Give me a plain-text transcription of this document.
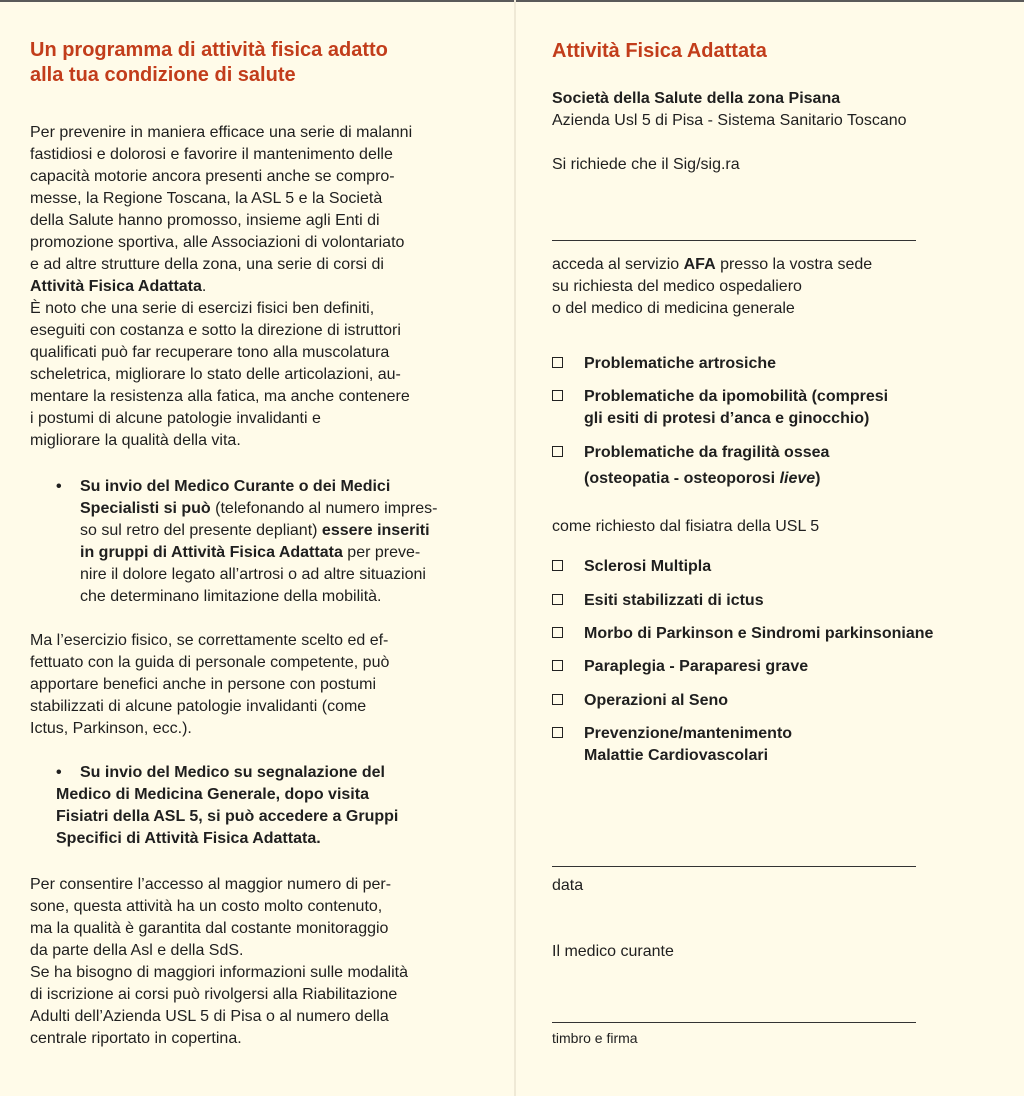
Un programma di attività fisica adatto
alla tua condizione di salute
Per prevenire in maniera efficace una serie di malanni
fastidiosi e dolorosi e favorire il mantenimento delle
capacità motorie ancora presenti anche se compro-
messe, la Regione Toscana, la ASL 5 e la Società
della Salute hanno promosso, insieme agli Enti di
promozione sportiva, alle Associazioni di volontariato
e ad altre strutture della zona, una serie di corsi di
Attività Fisica Adattata.
È noto che una serie di esercizi fisici ben definiti,
eseguiti con costanza e sotto la direzione di istruttori
qualificati può far recuperare tono alla muscolatura
scheletrica, migliorare lo stato delle articolazioni, au-
mentare la resistenza alla fatica, ma anche contenere
i postumi di alcune patologie invalidanti e
migliorare la qualità della vita.
• Su invio del Medico Curante o dei Medici
Specialisti si può (telefonando al numero impres-
so sul retro del presente depliant) essere inseriti
in gruppi di Attività Fisica Adattata per preve-
nire il dolore legato all’artrosi o ad altre situazioni
che determinano limitazione della mobilità.
Ma l’esercizio fisico, se correttamente scelto ed ef-
fettuato con la guida di personale competente, può
apportare benefici anche in persone con postumi
stabilizzati di alcune patologie invalidanti (come
Ictus, Parkinson, ecc.).
• Su invio del Medico su segnalazione del
Medico di Medicina Generale, dopo visita
Fisiatri della ASL 5, si può accedere a Gruppi
Specifici di Attività Fisica Adattata.
Per consentire l’accesso al maggior numero di per-
sone, questa attività ha un costo molto contenuto,
ma la qualità è garantita dal costante monitoraggio
da parte della Asl e della SdS.
Se ha bisogno di maggiori informazioni sulle modalità
di iscrizione ai corsi può rivolgersi alla Riabilitazione
Adulti dell’Azienda USL 5 di Pisa o al numero della
centrale riportato in copertina.
Attività Fisica Adattata
Società della Salute della zona Pisana
Azienda Usl 5 di Pisa - Sistema Sanitario Toscano
Si richiede che il Sig/sig.ra
acceda al servizio AFA presso la vostra sede
su richiesta del medico ospedaliero
o del medico di medicina generale
Problematiche artrosiche
Problematiche da ipomobilità (compresi
gli esiti di protesi d’anca e ginocchio)
Problematiche da fragilità ossea
(osteopatia - osteoporosi lieve)
come richiesto dal fisiatra della USL 5
Sclerosi Multipla
Esiti stabilizzati di ictus
Morbo di Parkinson e Sindromi parkinsoniane
Paraplegia - Paraparesi grave
Operazioni al Seno
Prevenzione/mantenimento
Malattie Cardiovascolari
data
Il medico curante
timbro e firma
